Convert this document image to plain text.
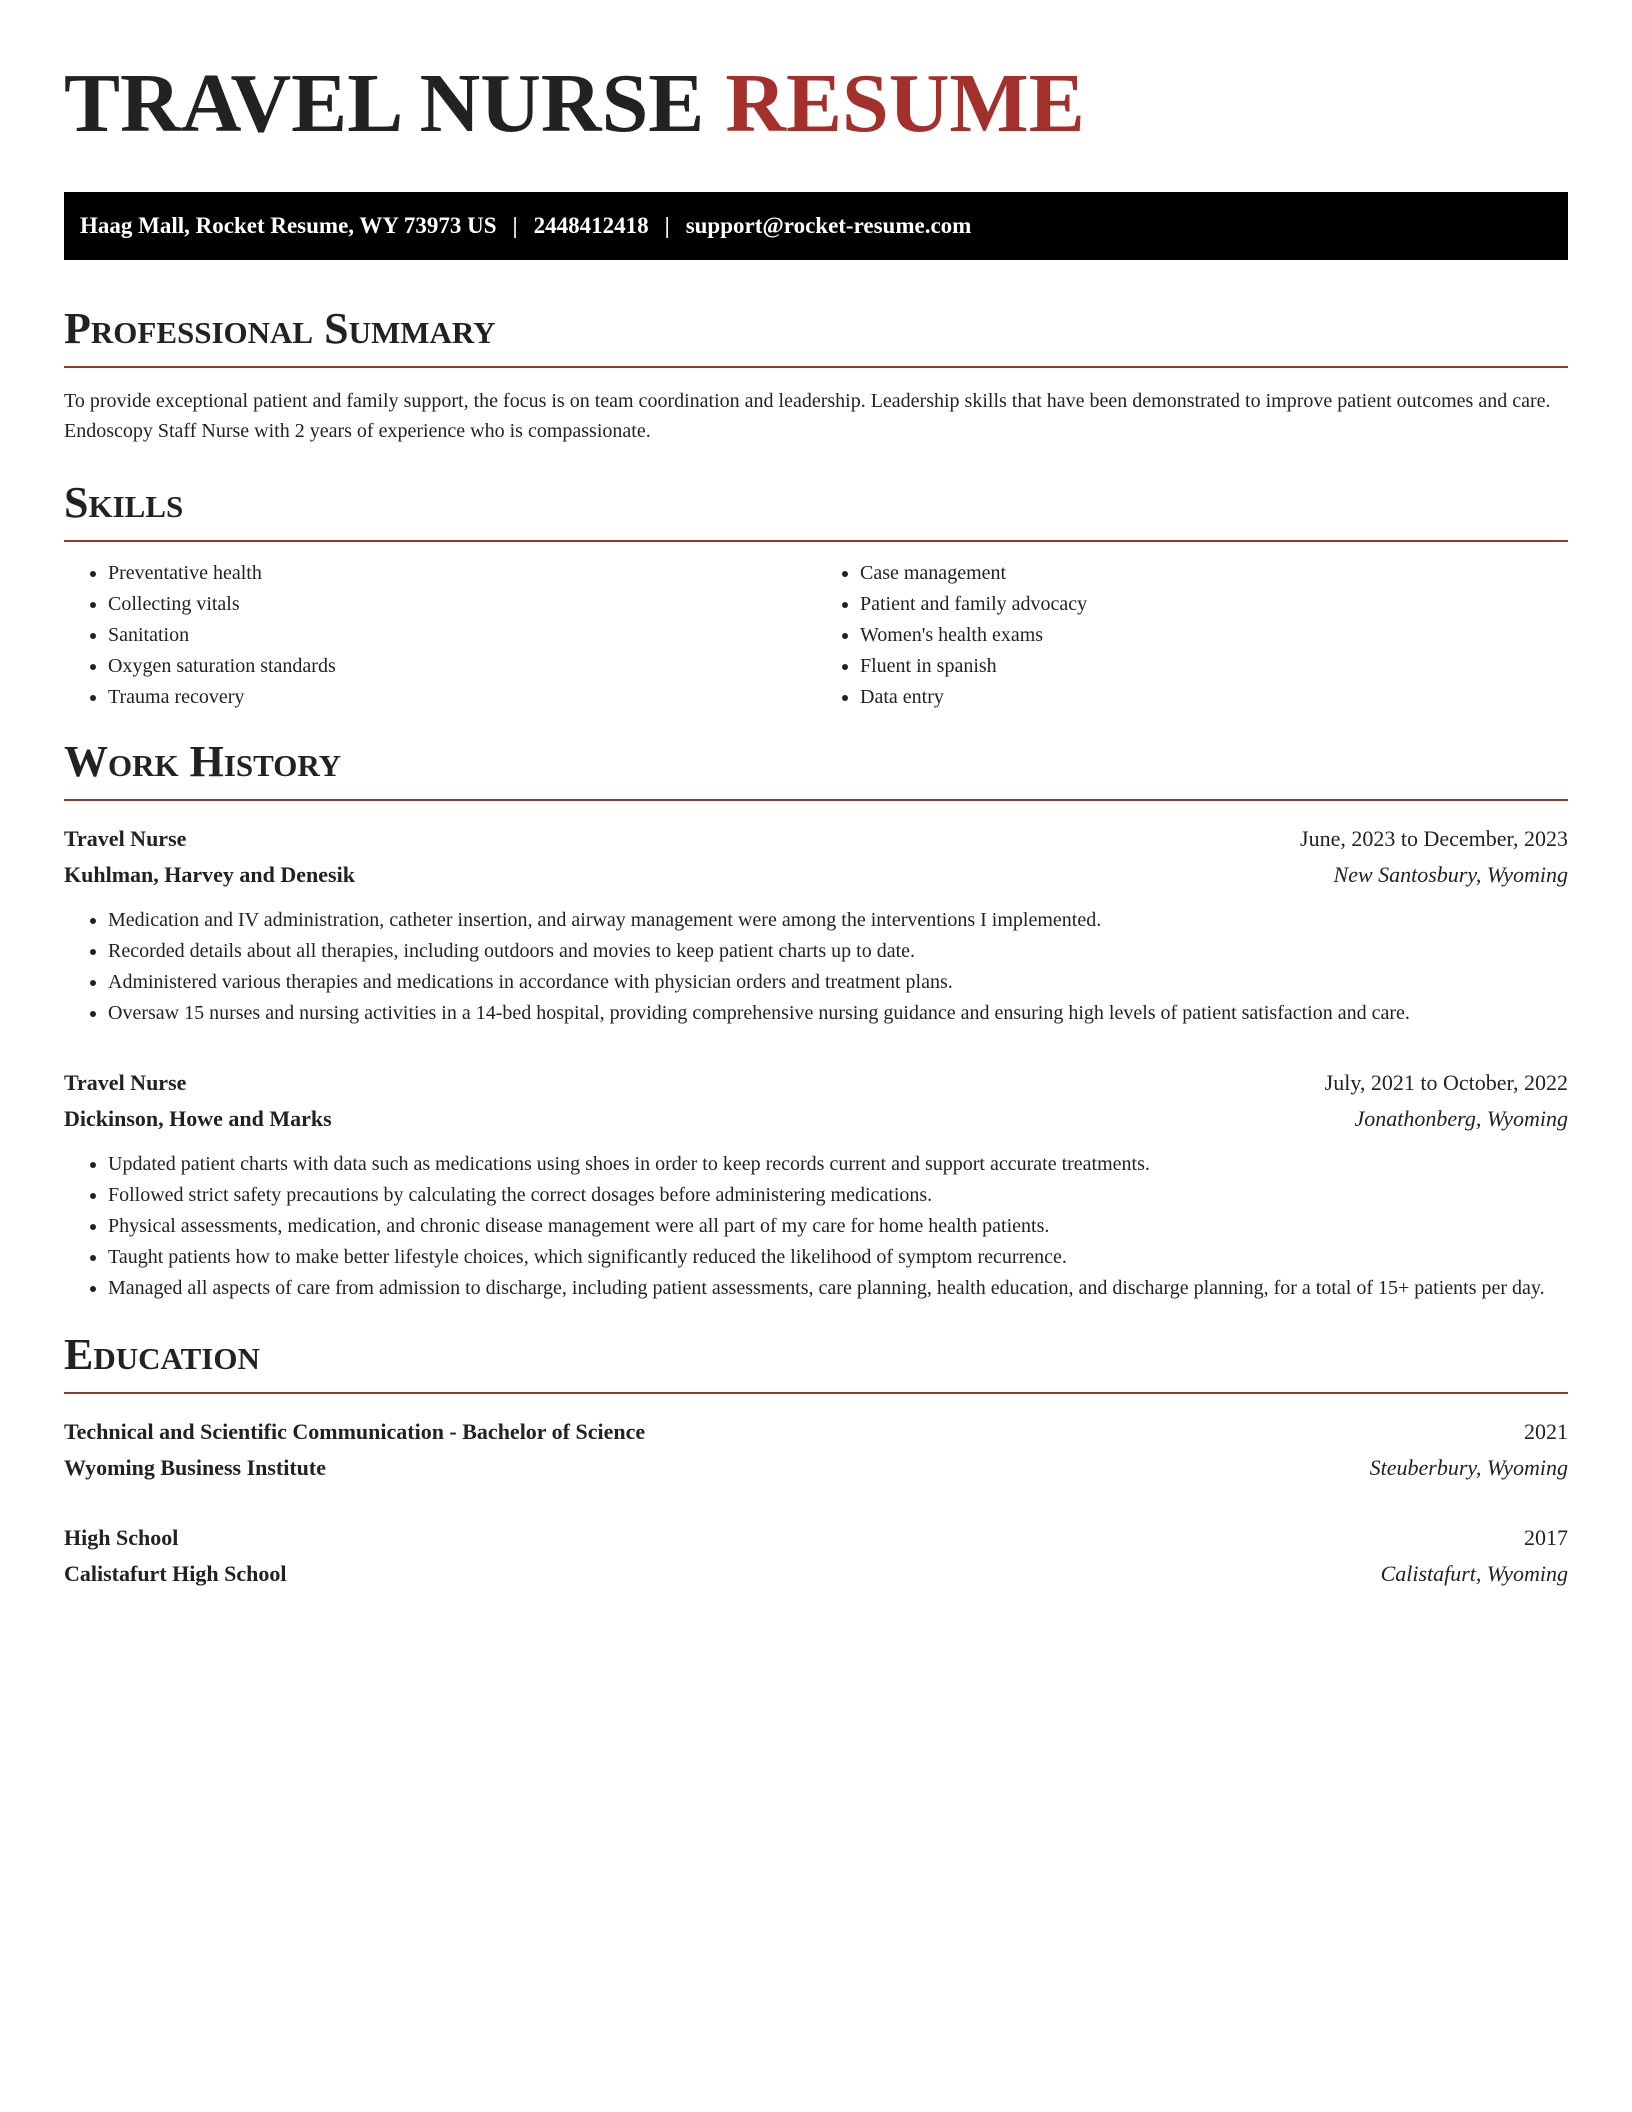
TRAVEL NURSE RESUME
Haag Mall, Rocket Resume, WY 73973 US | 2448412418 | support@rocket-resume.com
Professional Summary

To provide exceptional patient and family support, the focus is on team coordination and leadership. Leadership skills that have been demonstrated to improve patient outcomes and care. Endoscopy Staff Nurse with 2 years of experience who is compassionate.

Skills
• Preventative health
• Collecting vitals
• Sanitation
• Oxygen saturation standards
• Trauma recovery
• Case management
• Patient and family advocacy
• Women's health exams
• Fluent in spanish
• Data entry
Work History
Travel Nurse	June, 2023 to December, 2023
Kuhlman, Harvey and Denesik	New Santosbury, Wyoming
• Medication and IV administration, catheter insertion, and airway management were among the interventions I implemented.
• Recorded details about all therapies, including outdoors and movies to keep patient charts up to date.
• Administered various therapies and medications in accordance with physician orders and treatment plans.
• Oversaw 15 nurses and nursing activities in a 14-bed hospital, providing comprehensive nursing guidance and ensuring high levels of patient satisfaction and care.
Travel Nurse	July, 2021 to October, 2022
Dickinson, Howe and Marks	Jonathonberg, Wyoming
• Updated patient charts with data such as medications using shoes in order to keep records current and support accurate treatments.
• Followed strict safety precautions by calculating the correct dosages before administering medications.
• Physical assessments, medication, and chronic disease management were all part of my care for home health patients.
• Taught patients how to make better lifestyle choices, which significantly reduced the likelihood of symptom recurrence.
• Managed all aspects of care from admission to discharge, including patient assessments, care planning, health education, and discharge planning, for a total of 15+ patients per day.
Education
Technical and Scientific Communication - Bachelor of Science	2021
Wyoming Business Institute	Steuberbury, Wyoming
High School	2017
Calistafurt High School	Calistafurt, Wyoming
